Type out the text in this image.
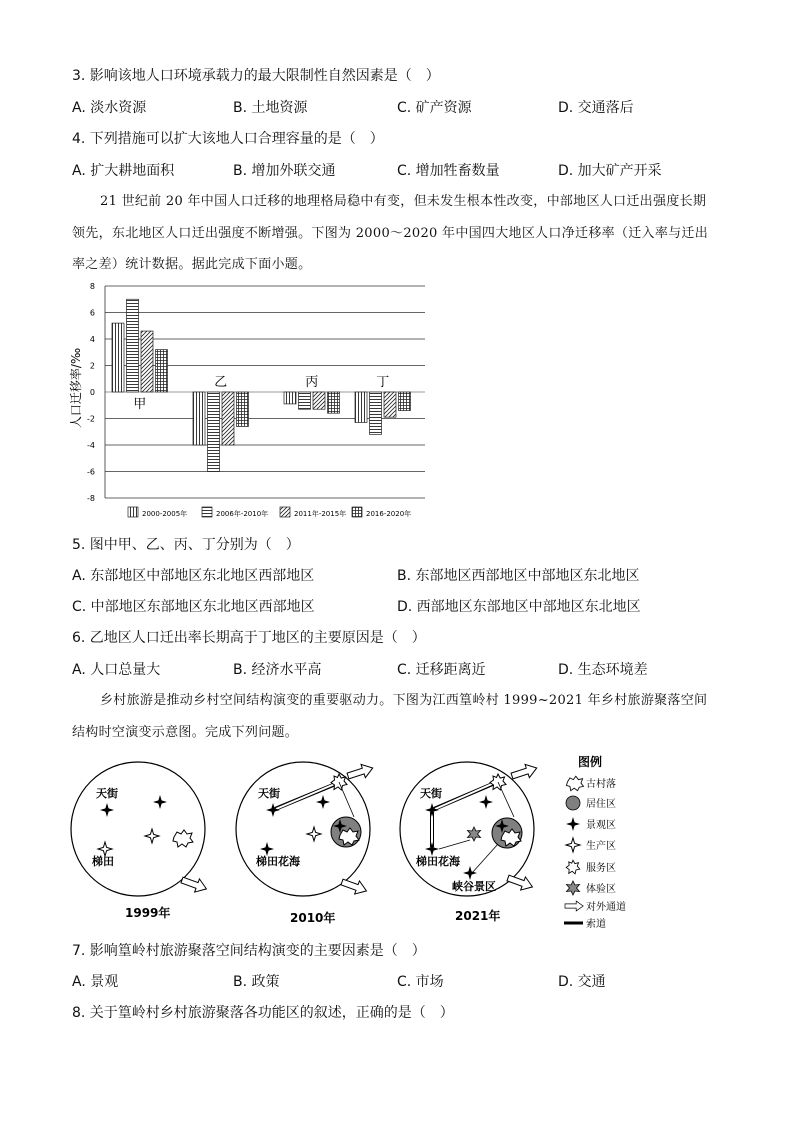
3. 影响该地人口环境承载力的最大限制性自然因素是（　）
A. 淡水资源	B. 土地资源	C. 矿产资源	D. 交通落后
4. 下列措施可以扩大该地人口合理容量的是（　）
A. 扩大耕地面积	B. 增加外联交通	C. 增加牲畜数量	D. 加大矿产开采
21 世纪前 20 年中国人口迁移的地理格局稳中有变，但未发生根本性改变，中部地区人口迁出强度长期
领先，东北地区人口迁出强度不断增强。下图为 2000～2020 年中国四大地区人口净迁移率（迁入率与迁出
率之差）统计数据。据此完成下面小题。
8
6
4
2
0
-2
-4
-6
-8
甲
乙	丙	丁
2000-2005年	2006年-2010年	2011年-2015年	2016-2020年
人口迁移率/‰
5. 图中甲、乙、丙、丁分别为（　）
A. 东部地区中部地区东北地区西部地区	B. 东部地区西部地区中部地区东北地区
C. 中部地区东部地区东北地区西部地区	D. 西部地区东部地区中部地区东北地区
6. 乙地区人口迁出率长期高于丁地区的主要原因是（　）
A. 人口总量大	B. 经济水平高	C. 迁移距离近	D. 生态环境差
乡村旅游是推动乡村空间结构演变的重要驱动力。下图为江西篁岭村 1999~2021 年乡村旅游聚落空间
结构时空演变示意图。完成下列问题。
天街
梯田
1999年
天街
梯田花海
2010年
天街
梯田花海
峡谷景区
2021年
图例
古村落
居住区
景观区
生产区
服务区
体验区
对外通道
索道
7. 影响篁岭村旅游聚落空间结构演变的主要因素是（　）
A. 景观	B. 政策	C. 市场	D. 交通
8. 关于篁岭村乡村旅游聚落各功能区的叙述，正确的是（　）
